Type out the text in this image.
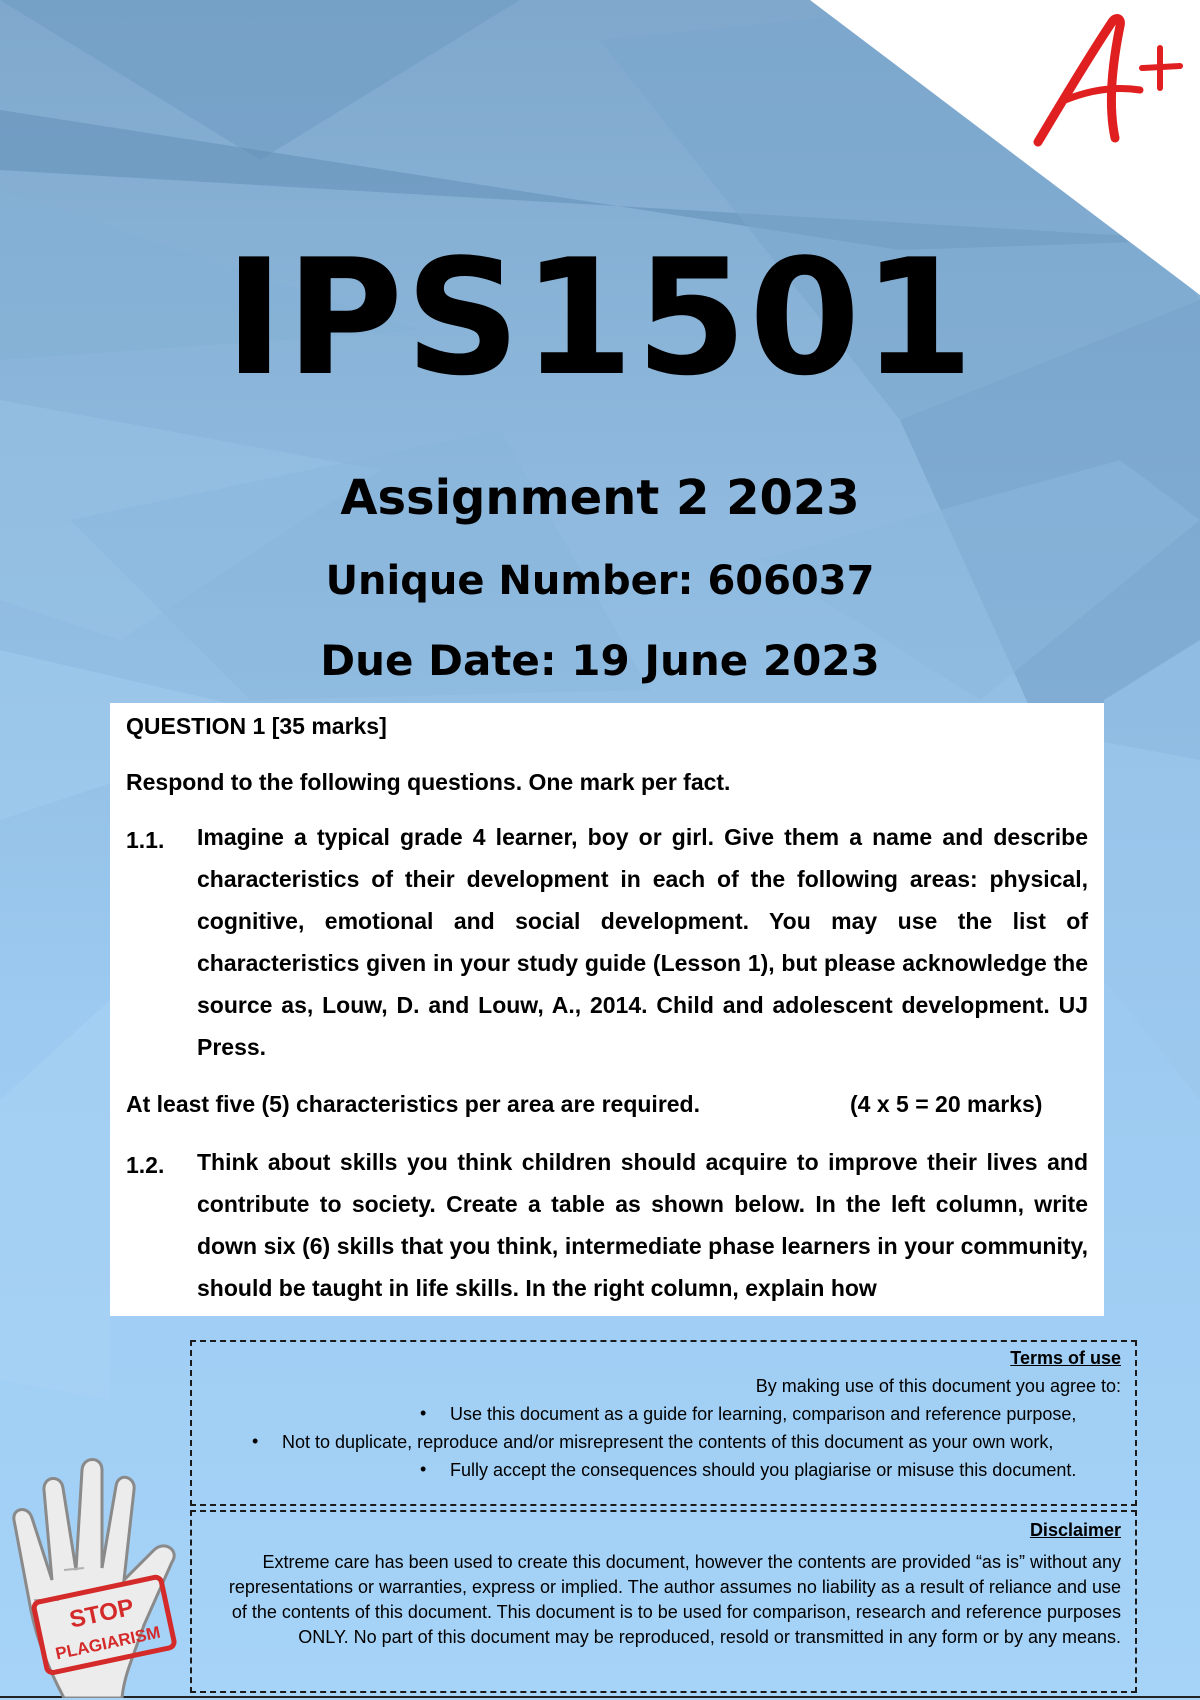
IPS1501
Assignment 2 2023
Unique Number: 606037
Due Date: 19 June 2023
QUESTION 1 [35 marks]
Respond to the following questions. One mark per fact.
1.1. Imagine a typical grade 4 learner, boy or girl. Give them a name and describe characteristics of their development in each of the following areas: physical, cognitive, emotional and social development. You may use the list of characteristics given in your study guide (Lesson 1), but please acknowledge the source as, Louw, D. and Louw, A., 2014. Child and adolescent development. UJ Press.
At least five (5) characteristics per area are required.	(4 x 5 = 20 marks)
1.2. Think about skills you think children should acquire to improve their lives and contribute to society. Create a table as shown below. In the left column, write down six (6) skills that you think, intermediate phase learners in your community, should be taught in life skills. In the right column, explain how
Terms of use
By making use of this document you agree to:
• Use this document as a guide for learning, comparison and reference purpose,
• Not to duplicate, reproduce and/or misrepresent the contents of this document as your own work,
• Fully accept the consequences should you plagiarise or misuse this document.
Disclaimer
Extreme care has been used to create this document, however the contents are provided “as is” without any representations or warranties, express or implied. The author assumes no liability as a result of reliance and use of the contents of this document. This document is to be used for comparison, research and reference purposes ONLY. No part of this document may be reproduced, resold or transmitted in any form or by any means.
STOP
PLAGIARISM
